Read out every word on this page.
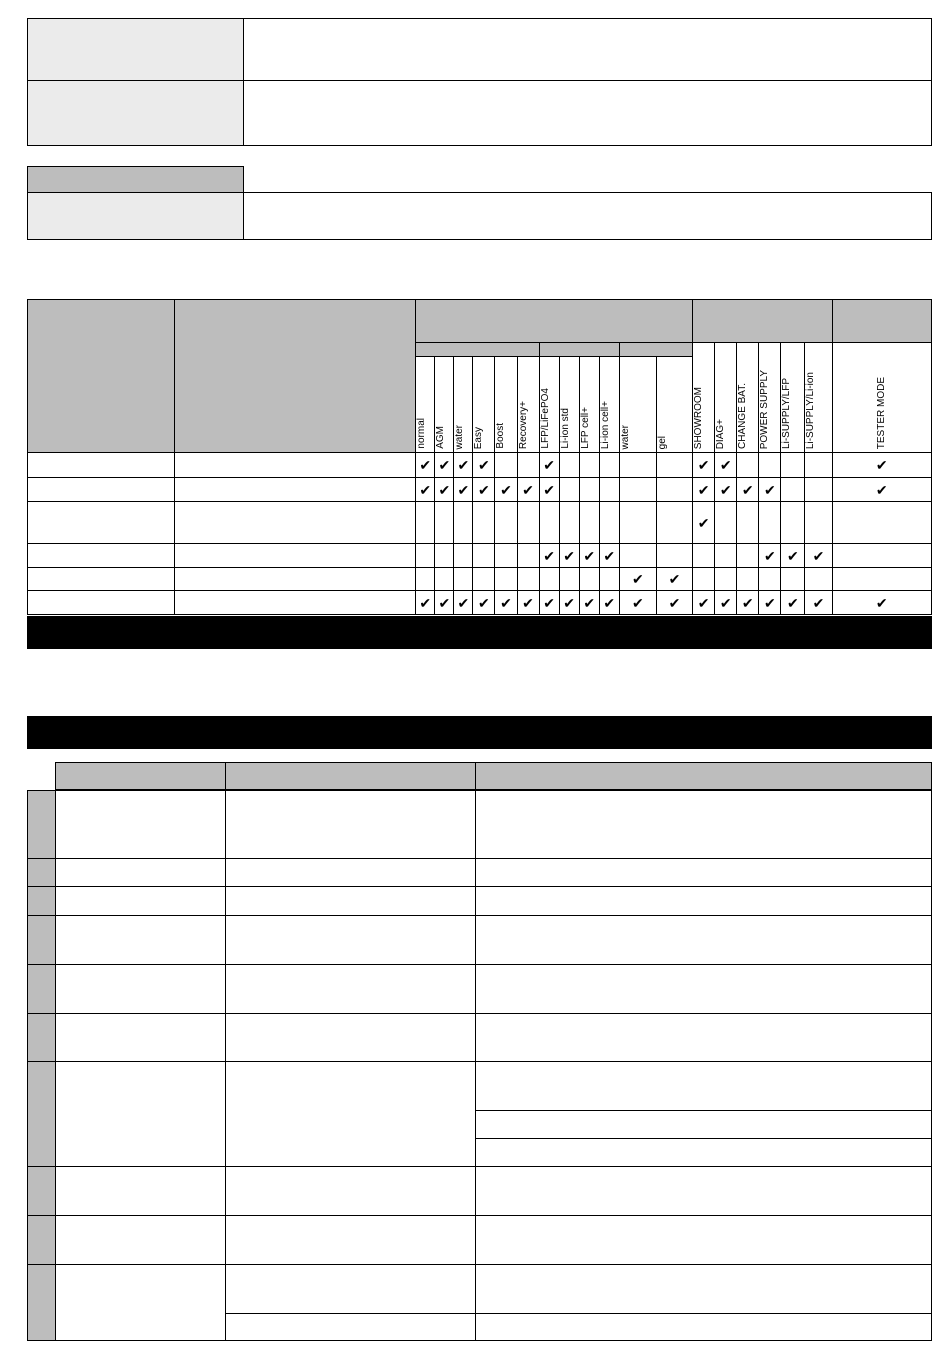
														SHOWROOM	DIAG+	CHANGE BAT.	POWER SUPPLY	Li-SUPPLY/LFP	Li-SUPPLY/Li-ion	TESTER MODE
		normal	AGM	water	Easy	Boost	Recovery+	LFP/LiFePO4	Li-ion std	LFP cell+	Li-ion cell+	water	gel							
		✔	✔	✔	✔			✔						✔	✔					✔
		✔	✔	✔	✔	✔	✔	✔						✔	✔	✔	✔			✔
														✔						
								✔	✔	✔	✔						✔	✔	✔	
												✔	✔							
		✔	✔	✔	✔	✔	✔	✔	✔	✔	✔	✔	✔	✔	✔	✔	✔	✔	✔	✔
